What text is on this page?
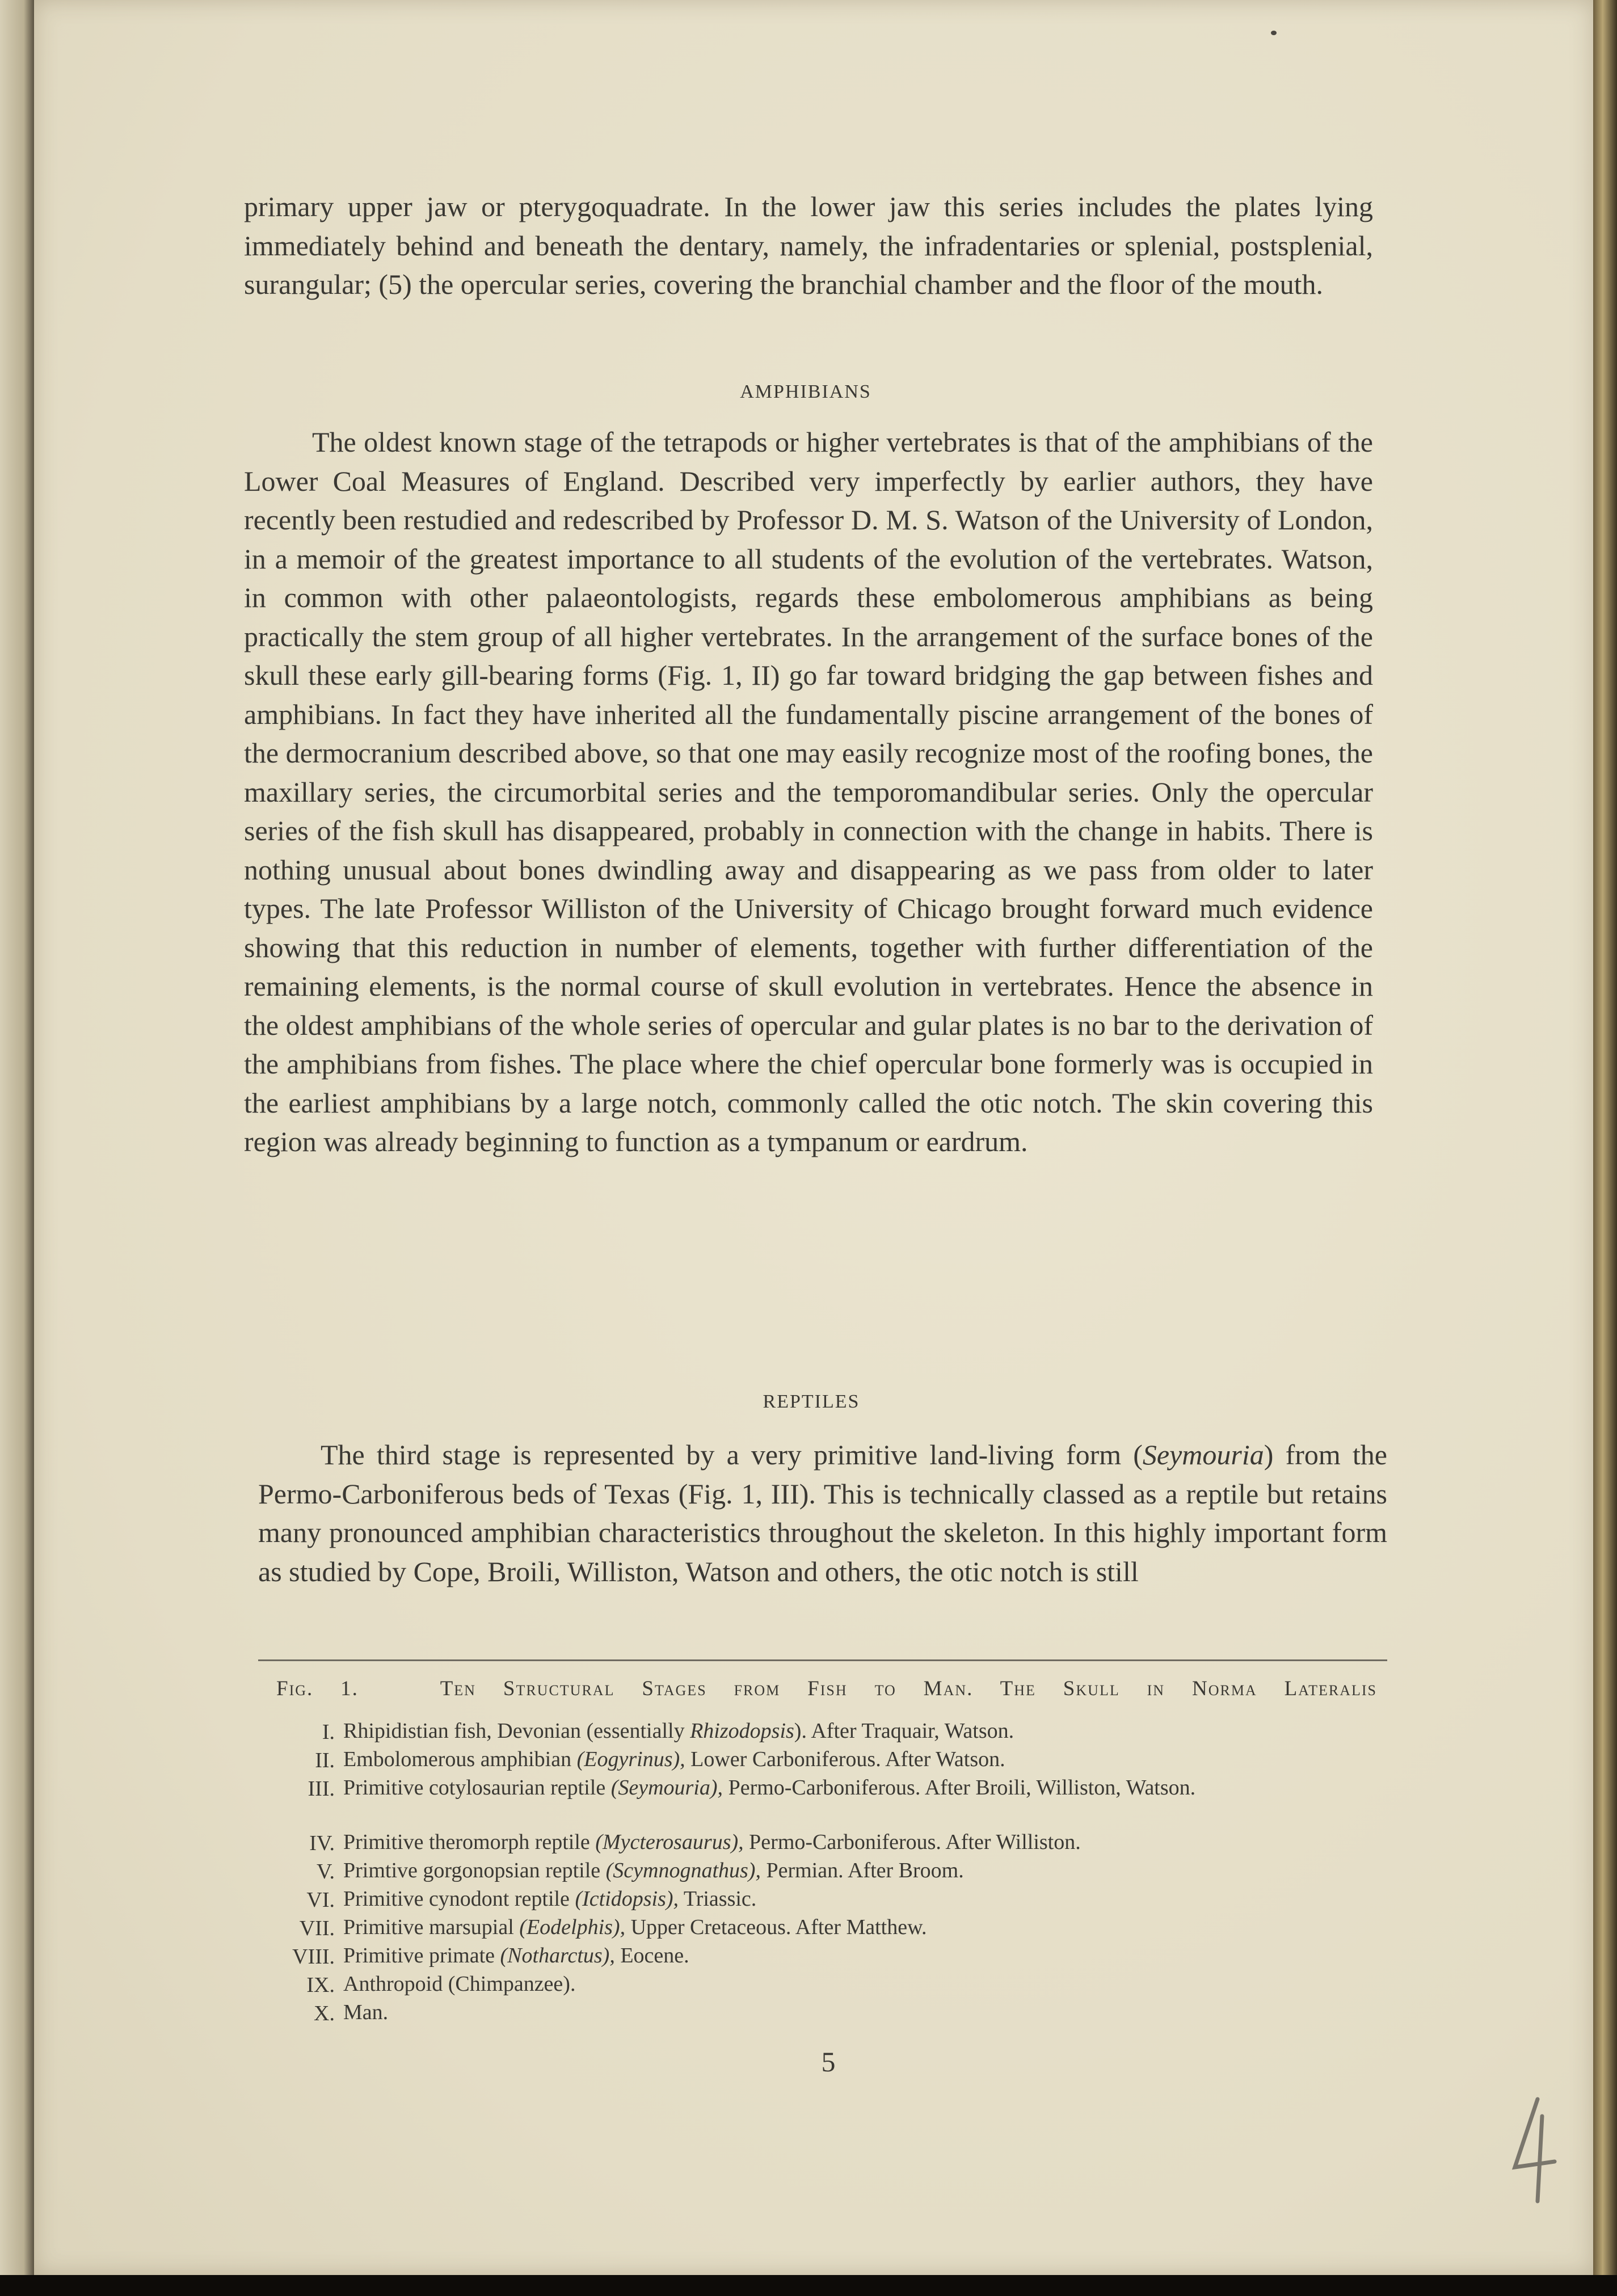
primary upper jaw or pterygoquadrate. In the lower jaw this series includes the plates lying immediately behind and beneath the dentary, namely, the infradentaries or splenial, postsplenial, surangular; (5) the opercular series, covering the branchial chamber and the floor of the mouth.
AMPHIBIANS
The oldest known stage of the tetrapods or higher vertebrates is that of the amphibians of the Lower Coal Measures of England. Described very imperfectly by earlier authors, they have recently been restudied and redescribed by Professor D. M. S. Watson of the University of London, in a memoir of the greatest importance to all students of the evolution of the vertebrates. Watson, in common with other palaeontologists, regards these embolomerous amphibians as being practically the stem group of all higher vertebrates. In the arrangement of the surface bones of the skull these early gill-bearing forms (Fig. 1, II) go far toward bridging the gap between fishes and amphibians. In fact they have inherited all the fundamentally piscine arrangement of the bones of the dermocranium described above, so that one may easily recognize most of the roofing bones, the maxillary series, the circumorbital series and the temporomandibular series. Only the opercular series of the fish skull has disappeared, probably in connection with the change in habits. There is nothing unusual about bones dwindling away and disappearing as we pass from older to later types. The late Professor Williston of the University of Chicago brought forward much evidence showing that this reduction in number of elements, together with further differentiation of the remaining elements, is the normal course of skull evolution in vertebrates. Hence the absence in the oldest amphibians of the whole series of opercular and gular plates is no bar to the derivation of the amphibians from fishes. The place where the chief opercular bone formerly was is occupied in the earliest amphibians by a large notch, commonly called the otic notch. The skin covering this region was already beginning to function as a tympanum or eardrum.
REPTILES
The third stage is represented by a very primitive land-living form (Seymouria) from the Permo-Carboniferous beds of Texas (Fig. 1, III). This is technically classed as a reptile but retains many pronounced amphibian characteristics throughout the skeleton. In this highly important form as studied by Cope, Broili, Williston, Watson and others, the otic notch is still
Fig. 1.	Ten Structural Stages from Fish to Man. The Skull in Norma Lateralis
I. Rhipidistian fish, Devonian (essentially Rhizodopsis). After Traquair, Watson.
II. Embolomerous amphibian (Eogyrinus), Lower Carboniferous. After Watson.
III. Primitive cotylosaurian reptile (Seymouria), Permo-Carboniferous. After Broili, Williston, Watson.
IV. Primitive theromorph reptile (Mycterosaurus), Permo-Carboniferous. After Williston.
V. Primtive gorgonopsian reptile (Scymnognathus), Permian. After Broom.
VI. Primitive cynodont reptile (Ictidopsis), Triassic.
VII. Primitive marsupial (Eodelphis), Upper Cretaceous. After Matthew.
VIII. Primitive primate (Notharctus), Eocene.
IX. Anthropoid (Chimpanzee).
X. Man.
5
